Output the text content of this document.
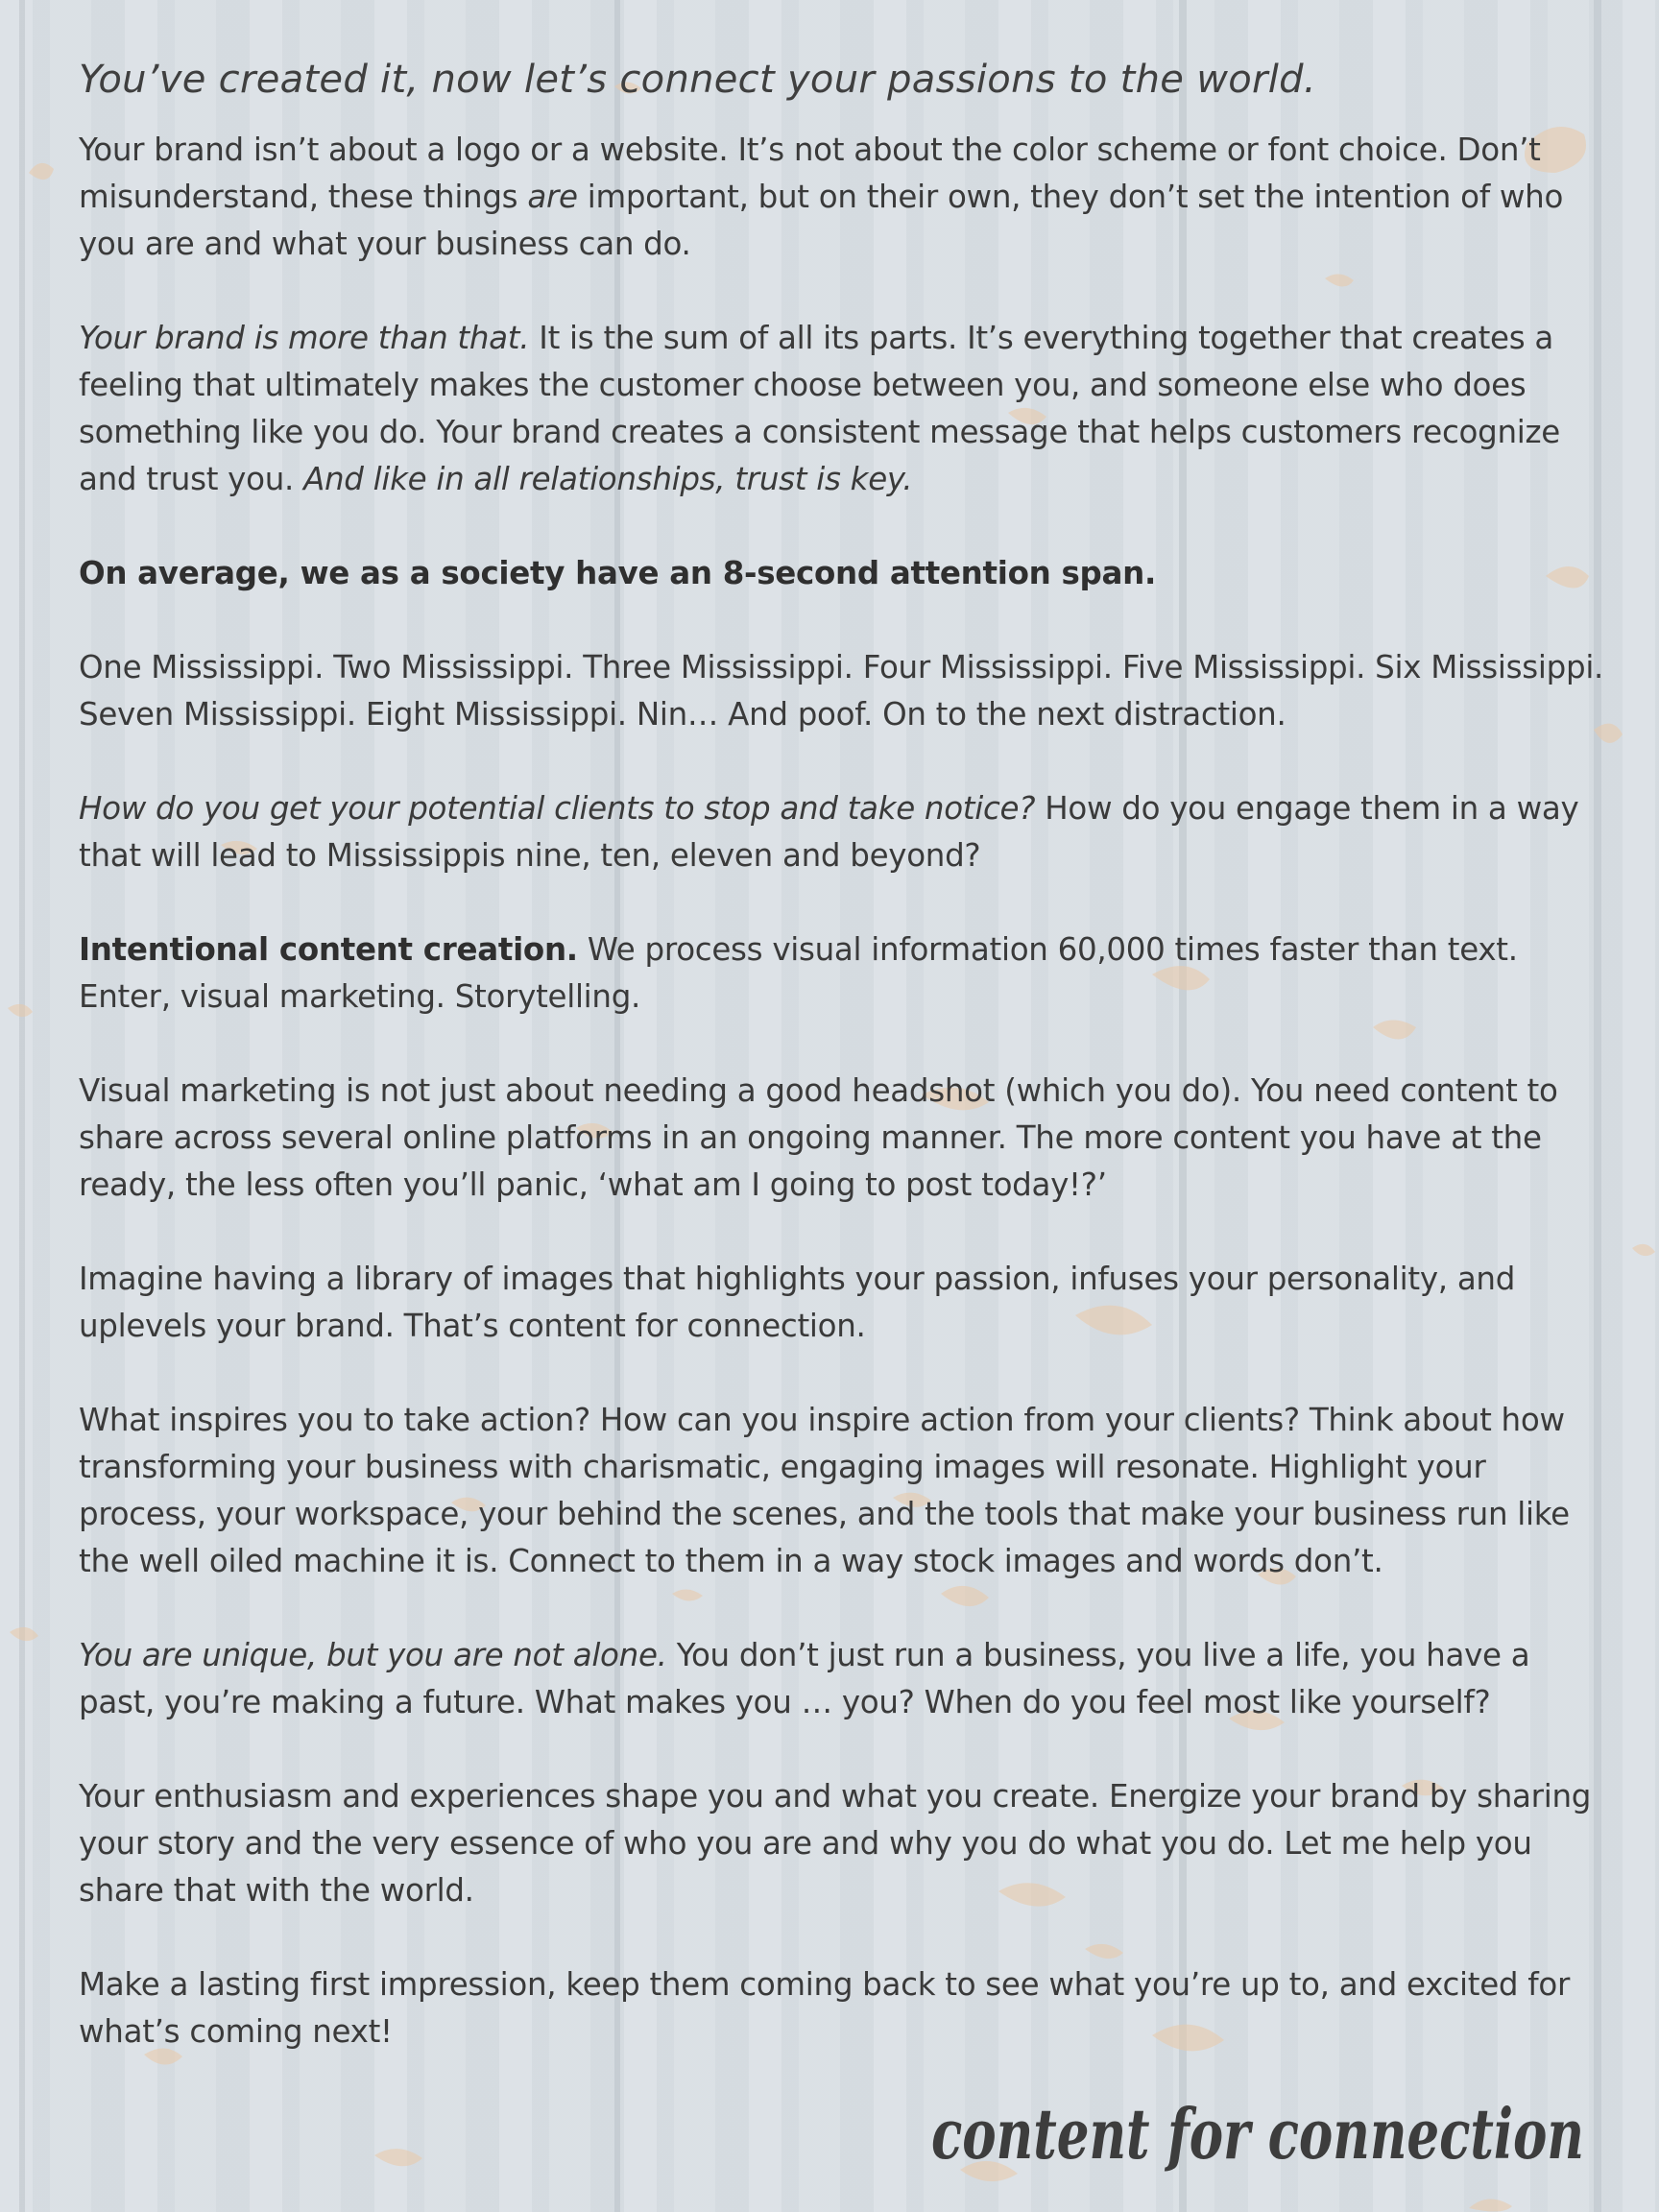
You’ve created it, now let’s connect your passions to the world.

Your brand isn’t about a logo or a website. It’s not about the color scheme or font choice. Don’t misunderstand, these things are important, but on their own, they don’t set the intention of who you are and what your business can do.

Your brand is more than that. It is the sum of all its parts. It’s everything together that creates a feeling that ultimately makes the customer choose between you, and someone else who does something like you do. Your brand creates a consistent message that helps customers recognize and trust you. And like in all relationships, trust is key.

On average, we as a society have an 8-second attention span.

One Mississippi. Two Mississippi. Three Mississippi. Four Mississippi. Five Mississippi. Six Mississippi. Seven Mississippi. Eight Mississippi. Nin… And poof. On to the next distraction.

How do you get your potential clients to stop and take notice? How do you engage them in a way that will lead to Mississippis nine, ten, eleven and beyond?

Intentional content creation. We process visual information 60,000 times faster than text. Enter, visual marketing. Storytelling.

Visual marketing is not just about needing a good headshot (which you do). You need content to share across several online platforms in an ongoing manner. The more content you have at the ready, the less often you’ll panic, ‘what am I going to post today!?’

Imagine having a library of images that highlights your passion, infuses your personality, and uplevels your brand. That’s content for connection.

What inspires you to take action? How can you inspire action from your clients? Think about how transforming your business with charismatic, engaging images will resonate. Highlight your process, your workspace, your behind the scenes, and the tools that make your business run like the well oiled machine it is. Connect to them in a way stock images and words don’t.

You are unique, but you are not alone. You don’t just run a business, you live a life, you have a past, you’re making a future. What makes you … you? When do you feel most like yourself?

Your enthusiasm and experiences shape you and what you create. Energize your brand by sharing your story and the very essence of who you are and why you do what you do. Let me help you share that with the world.

Make a lasting first impression, keep them coming back to see what you’re up to, and excited for what’s coming next!

content for connection
